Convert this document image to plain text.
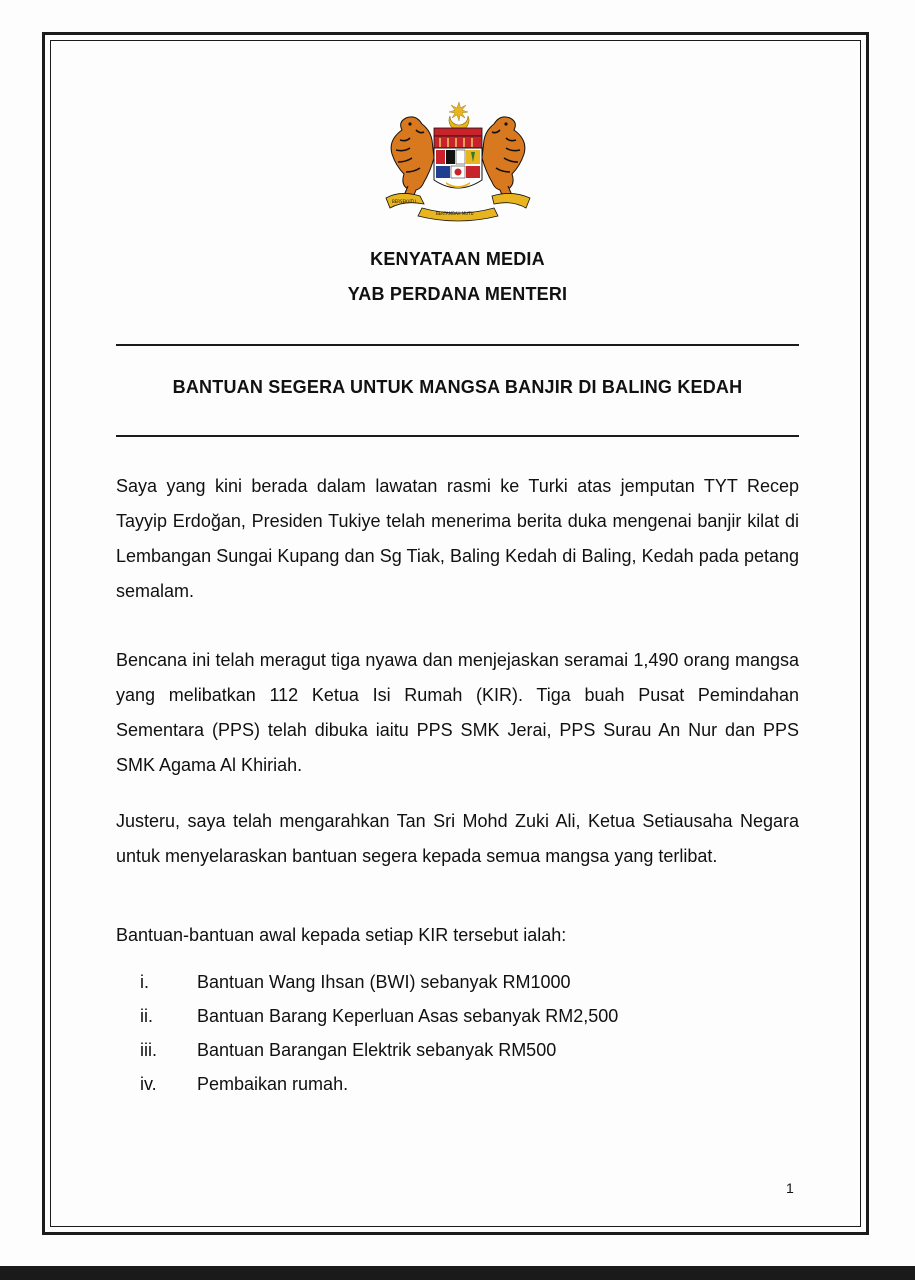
BERSEKUTU
BERTAMBAH MUTU
KENYATAAN MEDIA
YAB PERDANA MENTERI
BANTUAN SEGERA UNTUK MANGSA BANJIR DI BALING KEDAH

Saya yang kini berada dalam lawatan rasmi ke Turki atas jemputan TYT Recep Tayyip Erdoğan, Presiden Tukiye telah menerima berita duka mengenai banjir kilat di Lembangan Sungai Kupang dan Sg Tiak, Baling Kedah di Baling, Kedah pada petang semalam.

Bencana ini telah meragut tiga nyawa dan menjejaskan seramai 1,490 orang mangsa yang melibatkan 112 Ketua Isi Rumah (KIR). Tiga buah Pusat Pemindahan Sementara (PPS) telah dibuka iaitu PPS SMK Jerai, PPS Surau An Nur dan PPS SMK Agama Al Khiriah.

Justeru, saya telah mengarahkan Tan Sri Mohd Zuki Ali, Ketua Setiausaha Negara untuk menyelaraskan bantuan segera kepada semua mangsa yang terlibat.

Bantuan-bantuan awal kepada setiap KIR tersebut ialah:

i.	Bantuan Wang Ihsan (BWI) sebanyak RM1000
ii.	Bantuan Barang Keperluan Asas sebanyak RM2,500
iii.	Bantuan Barangan Elektrik sebanyak RM500
iv.	Pembaikan rumah.
1
